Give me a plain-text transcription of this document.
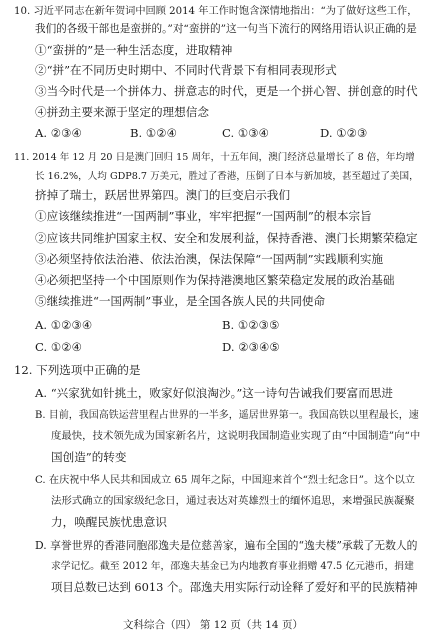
10. 习近平同志在新年贺词中回顾 2014 年工作时饱含深情地指出：“为了做好这些工作，
我们的各级干部也是蛮拼的。”对“蛮拼的”这一句当下流行的网络用语认识正确的是
①“蛮拼的”是一种生活态度，进取精神
②“拼”在不同历史时期中、不同时代背景下有相同表现形式
③当今时代是一个拼体力、拼意志的时代，更是一个拼心智、拼创意的时代
④拼劲主要来源于坚定的理想信念
A. ②③④	B. ①②④	C. ①③④	D. ①②③
11. 2014 年 12 月 20 日是澳门回归 15 周年，十五年间，澳门经济总量增长了 8 倍，年均增
长 16.2%，人均 GDP8.7 万美元，胜过了香港，压倒了日本与新加坡，甚至超过了美国，
挤掉了瑞士，跃居世界第四。澳门的巨变启示我们
①应该继续推进“一国两制”事业，牢牢把握“一国两制”的根本宗旨
②应该共同维护国家主权、安全和发展利益，保持香港、澳门长期繁荣稳定
③必须坚持依法治港、依法治澳，保法保障“一国两制”实践顺利实施
④必须把坚持一个中国原则作为保持港澳地区繁荣稳定发展的政治基础
⑤继续推进“一国两制”事业，是全国各族人民的共同使命
A. ①②③④	B. ①②③⑤
C. ①②④	D. ②③④⑤
12. 下列选项中正确的是
A. “兴家犹如针挑土，败家好似浪淘沙。”这一诗句告诫我们要富而思进
B. 目前，我国高铁运营里程占世界的一半多，遥居世界第一。我国高铁以里程最长，速
度最快，技术领先成为国家新名片，这说明我国制造业实现了由“中国制造”向“中
国创造”的转变
C. 在庆祝中华人民共和国成立 65 周年之际，中国迎来首个“烈士纪念日”。这个以立
法形式确立的国家级纪念日，通过表达对英雄烈士的缅怀追思，来增强民族凝聚
力，唤醒民族忧患意识
D. 享誉世界的香港同胞邵逸夫是位慈善家，遍布全国的“逸夫楼”承载了无数人的
求学记忆。截至 2012 年，邵逸夫基金已为内地教育事业捐赠 47.5 亿元港币，捐建
项目总数已达到 6013 个。邵逸夫用实际行动诠释了爱好和平的民族精神
文科综合（四） 第 12 页（共 14 页）
